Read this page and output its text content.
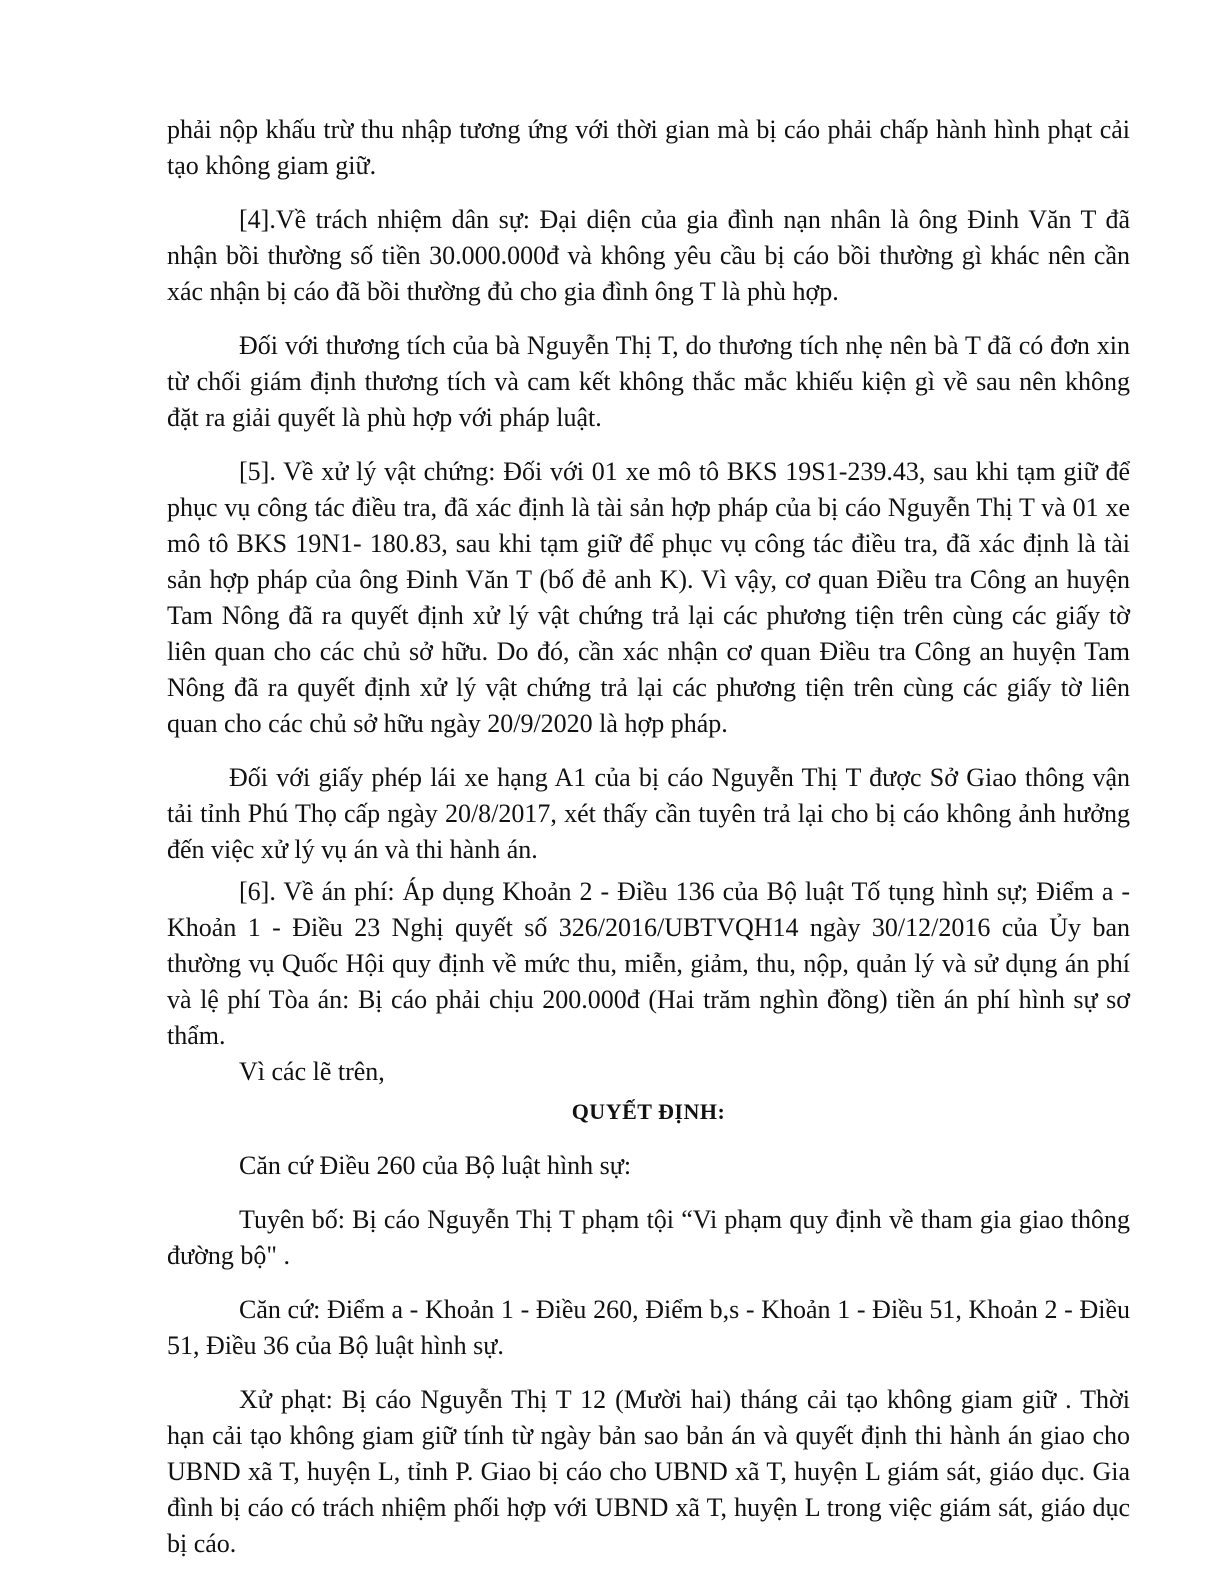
phải nộp khấu trừ thu nhập tương ứng với thời gian mà bị cáo phải chấp hành hình phạt cải tạo không giam giữ.

[4].Về trách nhiệm dân sự: Đại diện của gia đình nạn nhân là ông Đinh Văn T đã nhận bồi thường số tiền 30.000.000đ và không yêu cầu bị cáo bồi thường gì khác nên cần xác nhận bị cáo đã bồi thường đủ cho gia đình ông T là phù hợp.

Đối với thương tích của bà Nguyễn Thị T, do thương tích nhẹ nên bà T đã có đơn xin từ chối giám định thương tích và cam kết không thắc mắc khiếu kiện gì về sau nên không đặt ra giải quyết là phù hợp với pháp luật.

[5]. Về xử lý vật chứng: Đối với 01 xe mô tô BKS 19S1-239.43, sau khi tạm giữ để phục vụ công tác điều tra, đã xác định là tài sản hợp pháp của bị cáo Nguyễn Thị T và 01 xe mô tô BKS 19N1- 180.83, sau khi tạm giữ để phục vụ công tác điều tra, đã xác định là tài sản hợp pháp của ông Đinh Văn T (bố đẻ anh K). Vì vậy, cơ quan Điều tra Công an huyện Tam Nông đã ra quyết định xử lý vật chứng trả lại các phương tiện trên cùng các giấy tờ liên quan cho các chủ sở hữu. Do đó, cần xác nhận cơ quan Điều tra Công an huyện Tam Nông đã ra quyết định xử lý vật chứng trả lại các phương tiện trên cùng các giấy tờ liên quan cho các chủ sở hữu ngày 20/9/2020 là hợp pháp.

Đối với giấy phép lái xe hạng A1 của bị cáo Nguyễn Thị T được Sở Giao thông vận tải tỉnh Phú Thọ cấp ngày 20/8/2017, xét thấy cần tuyên trả lại cho bị cáo không ảnh hưởng đến việc xử lý vụ án và thi hành án.

[6]. Về án phí: Áp dụng Khoản 2 - Điều 136 của Bộ luật Tố tụng hình sự; Điểm a - Khoản 1 - Điều 23 Nghị quyết số 326/2016/UBTVQH14 ngày 30/12/2016 của Ủy ban thường vụ Quốc Hội quy định về mức thu, miễn, giảm, thu, nộp, quản lý và sử dụng án phí và lệ phí Tòa án: Bị cáo phải chịu 200.000đ (Hai trăm nghìn đồng) tiền án phí hình sự sơ thẩm.

Vì các lẽ trên,

QUYẾT ĐỊNH:

Căn cứ Điều 260 của Bộ luật hình sự:

Tuyên bố: Bị cáo Nguyễn Thị T phạm tội “Vi phạm quy định về tham gia giao thông đường bộ" .

Căn cứ: Điểm a - Khoản 1 - Điều 260, Điểm b,s - Khoản 1 - Điều 51, Khoản 2 - Điều 51, Điều 36 của Bộ luật hình sự.

Xử phạt: Bị cáo Nguyễn Thị T 12 (Mười hai) tháng cải tạo không giam giữ . Thời hạn cải tạo không giam giữ tính từ ngày bản sao bản án và quyết định thi hành án giao cho UBND xã T, huyện L, tỉnh P. Giao bị cáo cho UBND xã T, huyện L giám sát, giáo dục. Gia đình bị cáo có trách nhiệm phối hợp với UBND xã T, huyện L trong việc giám sát, giáo dục bị cáo.
